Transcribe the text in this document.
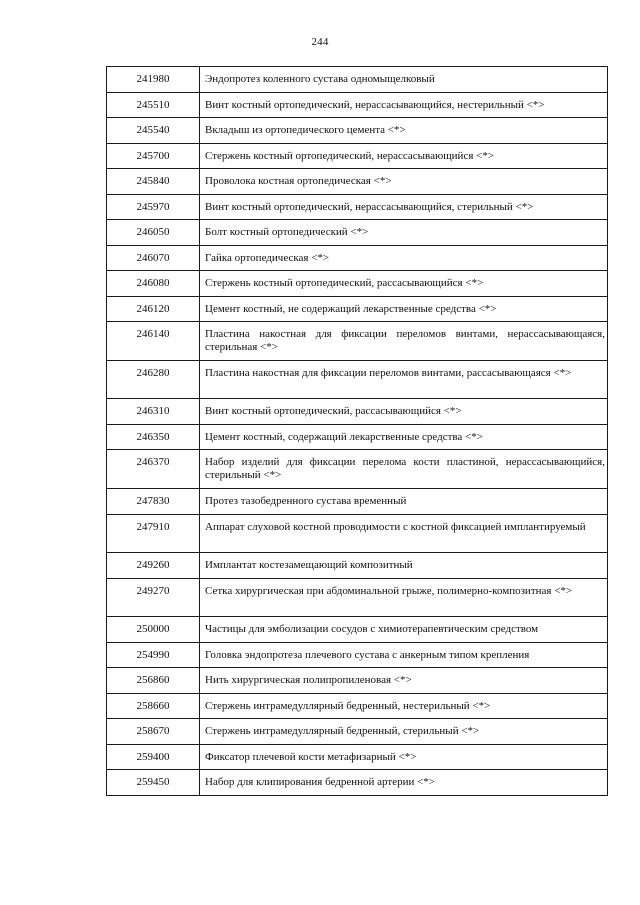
244
241980	Эндопротез коленного сустава одномыщелковый
245510	Винт костный ортопедический, нерассасывающийся, нестерильный <*>
245540	Вкладыш из ортопедического цемента <*>
245700	Стержень костный ортопедический, нерассасывающийся <*>
245840	Проволока костная ортопедическая <*>
245970	Винт костный ортопедический, нерассасывающийся, стерильный <*>
246050	Болт костный ортопедический <*>
246070	Гайка ортопедическая <*>
246080	Стержень костный ортопедический, рассасывающийся <*>
246120	Цемент костный, не содержащий лекарственные средства <*>
246140	Пластина накостная для фиксации переломов винтами, нерассасывающаяся, стерильная <*>
246280	Пластина накостная для фиксации переломов винтами, рассасывающаяся <*>
246310	Винт костный ортопедический, рассасывающийся <*>
246350	Цемент костный, содержащий лекарственные средства <*>
246370	Набор изделий для фиксации перелома кости пластиной, нерассасывающийся, стерильный <*>
247830	Протез тазобедренного сустава временный
247910	Аппарат слуховой костной проводимости с костной фиксацией имплантируемый
249260	Имплантат костезамещающий композитный
249270	Сетка хирургическая при абдоминальной грыже, полимерно-композитная <*>
250000	Частицы для эмболизации сосудов с химиотерапевтическим средством
254990	Головка эндопротеза плечевого сустава с анкерным типом крепления
256860	Нить хирургическая полипропиленовая <*>
258660	Стержень интрамедуллярный бедренный, нестерильный <*>
258670	Стержень интрамедуллярный бедренный, стерильный <*>
259400	Фиксатор плечевой кости метафизарный <*>
259450	Набор для клипирования бедренной артерии <*>
